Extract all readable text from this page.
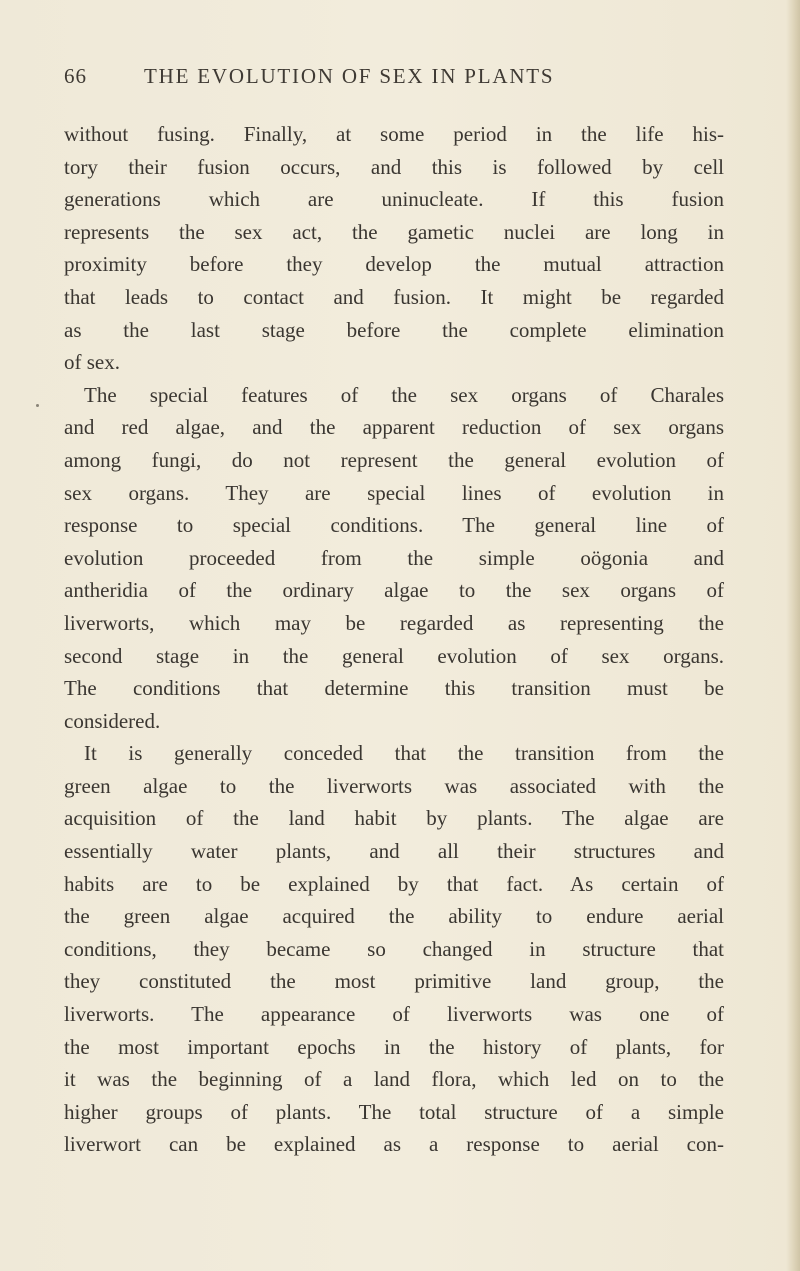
66	THE EVOLUTION OF SEX IN PLANTS
without fusing. Finally, at some period in the life his-
tory their fusion occurs, and this is followed by cell
generations which are uninucleate. If this fusion
represents the sex act, the gametic nuclei are long in
proximity before they develop the mutual attraction
that leads to contact and fusion. It might be regarded
as the last stage before the complete elimination
of sex.
The special features of the sex organs of Charales
and red algae, and the apparent reduction of sex organs
among fungi, do not represent the general evolution of
sex organs. They are special lines of evolution in
response to special conditions. The general line of
evolution proceeded from the simple oögonia and
antheridia of the ordinary algae to the sex organs of
liverworts, which may be regarded as representing the
second stage in the general evolution of sex organs.
The conditions that determine this transition must be
considered.
It is generally conceded that the transition from the
green algae to the liverworts was associated with the
acquisition of the land habit by plants. The algae are
essentially water plants, and all their structures and
habits are to be explained by that fact. As certain of
the green algae acquired the ability to endure aerial
conditions, they became so changed in structure that
they constituted the most primitive land group, the
liverworts. The appearance of liverworts was one of
the most important epochs in the history of plants, for
it was the beginning of a land flora, which led on to the
higher groups of plants. The total structure of a simple
liverwort can be explained as a response to aerial con-
